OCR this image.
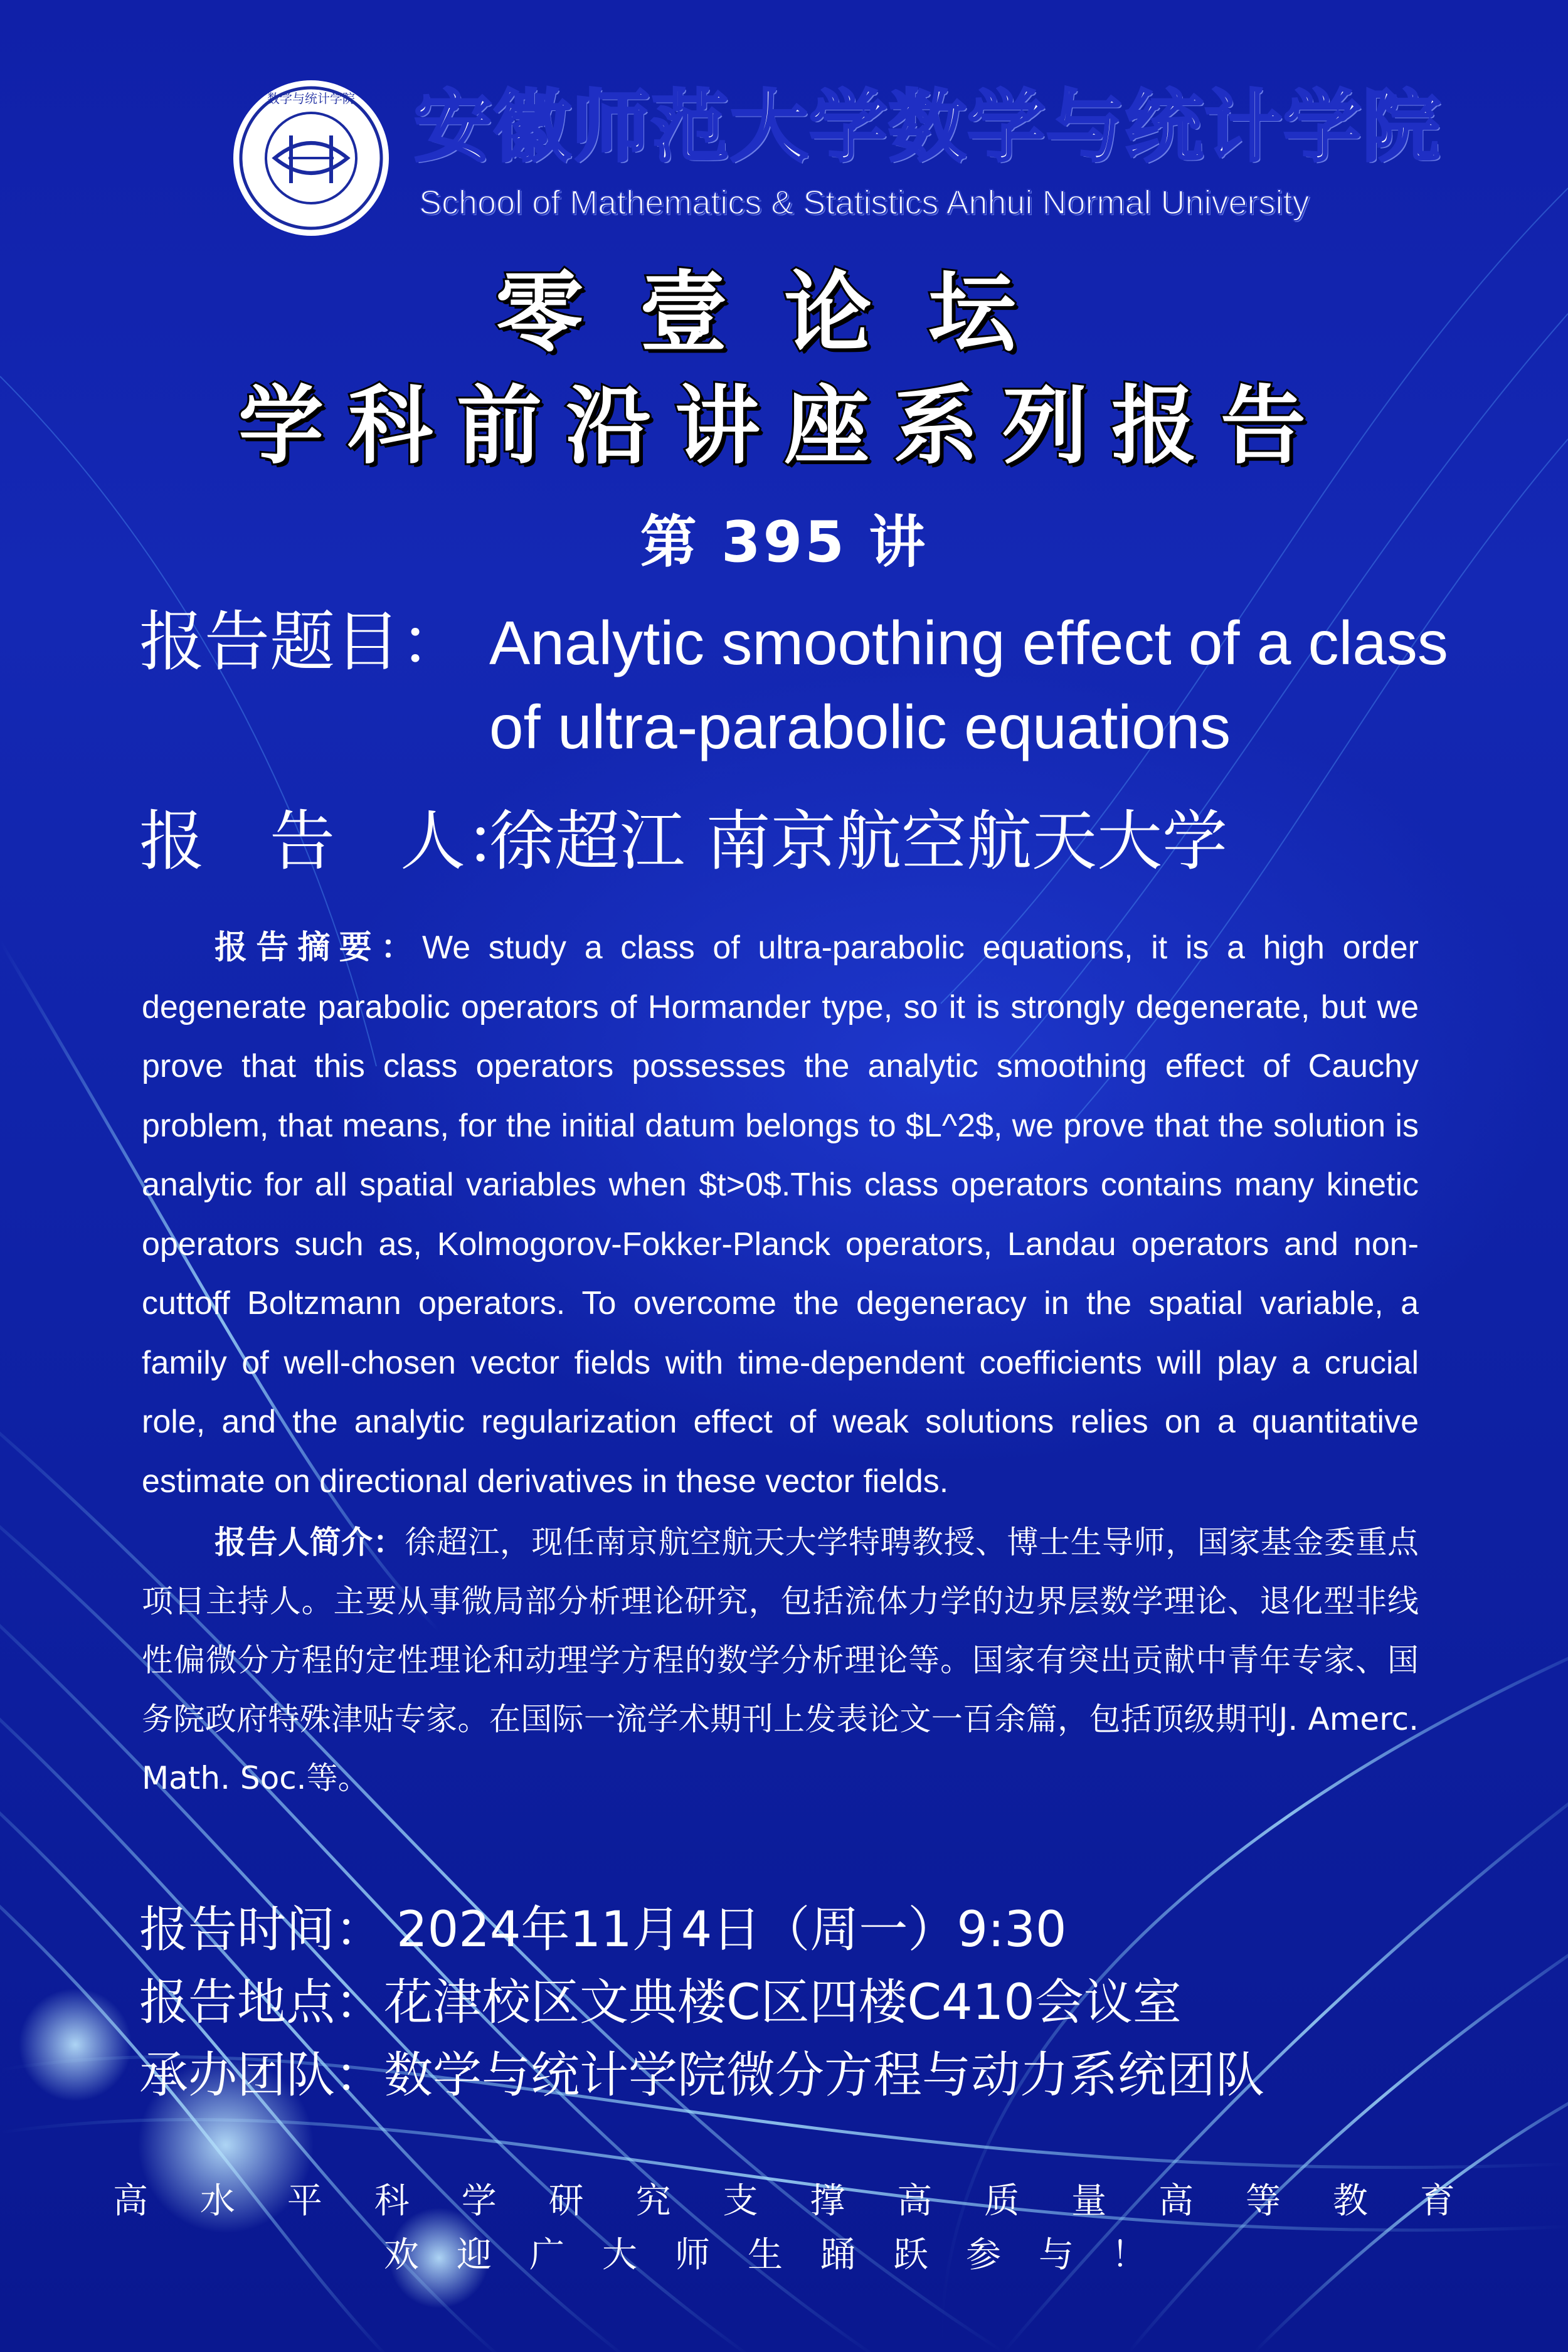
数学与统计学院 安徽师范大学数学与统计学院
School of Mathematics & Statistics Anhui Normal University
零壹论坛
学科前沿讲座系列报告
第 395 讲
报告题目： Analytic smoothing effect of a class
of ultra-parabolic equations
报　告　人：
徐超江 南京航空航天大学
报告摘要：We study a class of ultra-parabolic equations, it is a high order degenerate parabolic operators of Hormander type, so it is strongly degenerate, but we prove that this class operators possesses the analytic smoothing effect of Cauchy problem, that means, for the initial datum belongs to $L^2$, we prove that the solution is analytic for all spatial variables when $t>0$.This class operators contains many kinetic operators such as, Kolmogorov-Fokker-Planck operators, Landau operators and non-cuttoff Boltzmann operators. To overcome the degeneracy in the spatial variable, a family of well-chosen vector fields with time-dependent coefficients will play a crucial role, and the analytic regularization effect of weak solutions relies on a quantitative estimate on directional derivatives in these vector fields.
报告人简介：徐超江，现任南京航空航天大学特聘教授、博士生导师，国家基金委重点项目主持人。主要从事微局部分析理论研究，包括流体力学的边界层数学理论、退化型非线性偏微分方程的定性理论和动理学方程的数学分析理论等。国家有突出贡献中青年专家、国务院政府特殊津贴专家。在国际一流学术期刊上发表论文一百余篇，包括顶级期刊J. Amerc. Math. Soc.等。
报告时间： 2024年11月4日（周一）9:30
报告地点：花津校区文典楼C区四楼C410会议室
承办团队：数学与统计学院微分方程与动力系统团队
高 水 平 科 学 研 究 支 撑 高 质 量 高 等 教 育
欢迎广大师生踊跃参与！
